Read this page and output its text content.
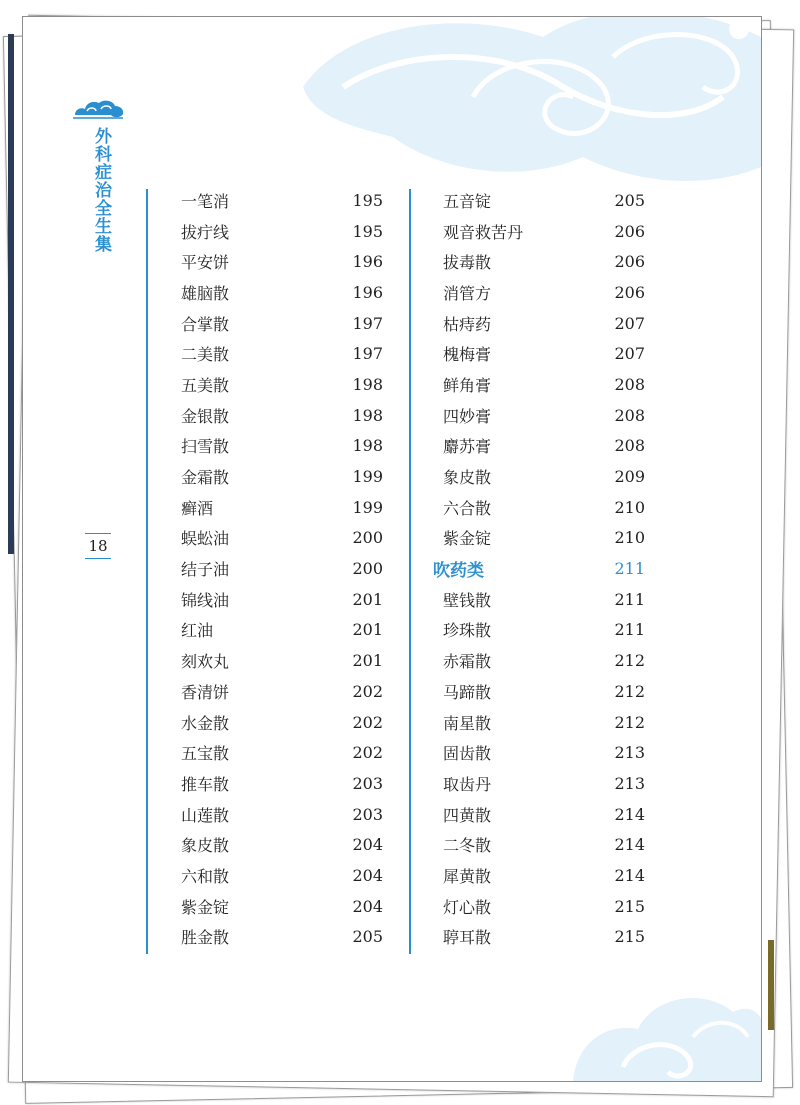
外科症治全生集
18
一笔消	195
拔疔线	195
平安饼	196
雄脑散	196
合掌散	197
二美散	197
五美散	198
金银散	198
扫雪散	198
金霜散	199
癣酒	199
蜈蚣油	200
结子油	200
锦线油	201
红油	201
刻欢丸	201
香清饼	202
水金散	202
五宝散	202
推车散	203
山莲散	203
象皮散	204
六和散	204
紫金锭	204
胜金散	205
五音锭	205
观音救苦丹	206
拔毒散	206
消管方	206
枯痔药	207
槐梅膏	207
鲜角膏	208
四妙膏	208
麝苏膏	208
象皮散	209
六合散	210
紫金锭	210
吹药类	211
壁钱散	211
珍珠散	211
赤霜散	212
马蹄散	212
南星散	212
固齿散	213
取齿丹	213
四黄散	214
二冬散	214
犀黄散	214
灯心散	215
聤耳散	215
